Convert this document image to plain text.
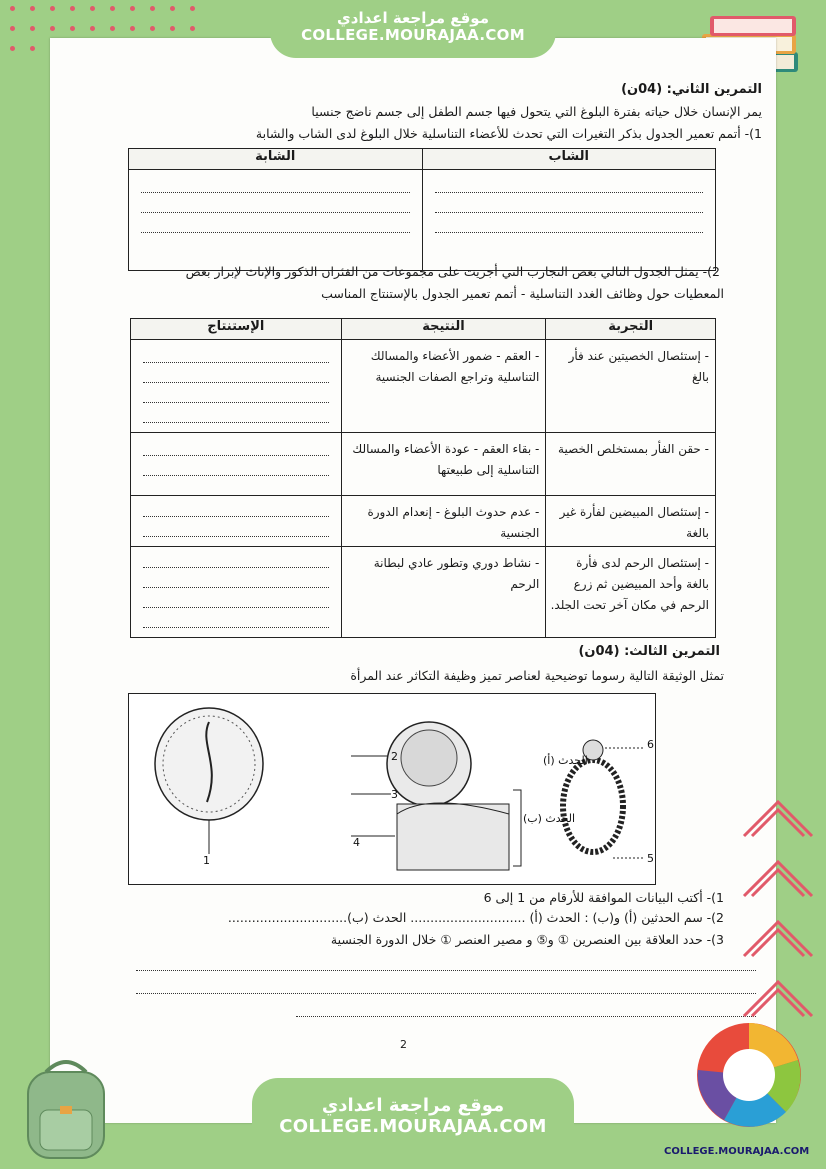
موقع مراجعة اعدادي
COLLEGE.MOURAJAA.COM
التمرين الثاني: (04ن)
يمر الإنسان خلال حياته بفترة البلوغ التي يتحول فيها جسم الطفل إلى جسم ناضج جنسيا
1)- أتمم تعمير الجدول بذكر التغيرات التي تحدث للأعضاء التناسلية خلال البلوغ لدى الشاب والشابة
الشاب	الشابة

2)- يمثل الجدول التالي بعض التجارب التي أجريت على مجموعات من الفئران الذكور والإناث لإبراز بعض
المعطيات حول وظائف الغدد التناسلية - أتمم تعمير الجدول بالإستنتاج المناسب
التجربة	النتيجة	الإستنتاج

- إستئصال الخصيتين عند فأر بالغ	- العقم - ضمور الأعضاء والمسالك التناسلية وتراجع الصفات الجنسية	

- حقن الفأر بمستخلص الخصية	- بقاء العقم - عودة الأعضاء والمسالك التناسلية إلى طبيعتها	

- إستئصال المبيضين لفأرة غير بالغة	- عدم حدوث البلوغ - إنعدام الدورة الجنسية	

- إستئصال الرحم لدى فأرة بالغة وأحد المبيضين ثم زرع الرحم في مكان آخر تحت الجلد.	- نشاط دوري وتطور عادي لبطانة الرحم	

التمرين الثالث: (04ن)
تمثل الوثيقة التالية رسوما توضيحية لعناصر تميز وظيفة التكاثر عند المرأة
4
2
3
1
6
5
الحدث (ب)
الحدث (أ)
1)- أكتب البيانات الموافقة للأرقام من 1 إلى 6
2)- سم الحدثين (أ) و(ب) : الحدث (أ) ............................. الحدث (ب)..............................
3)- حدد العلاقة بين العنصرين ① و⑤ و مصير العنصر ① خلال الدورة الجنسية
2
COLLEGE.MOURAJAA.COM
موقع مراجعة اعدادي
COLLEGE.MOURAJAA.COM
